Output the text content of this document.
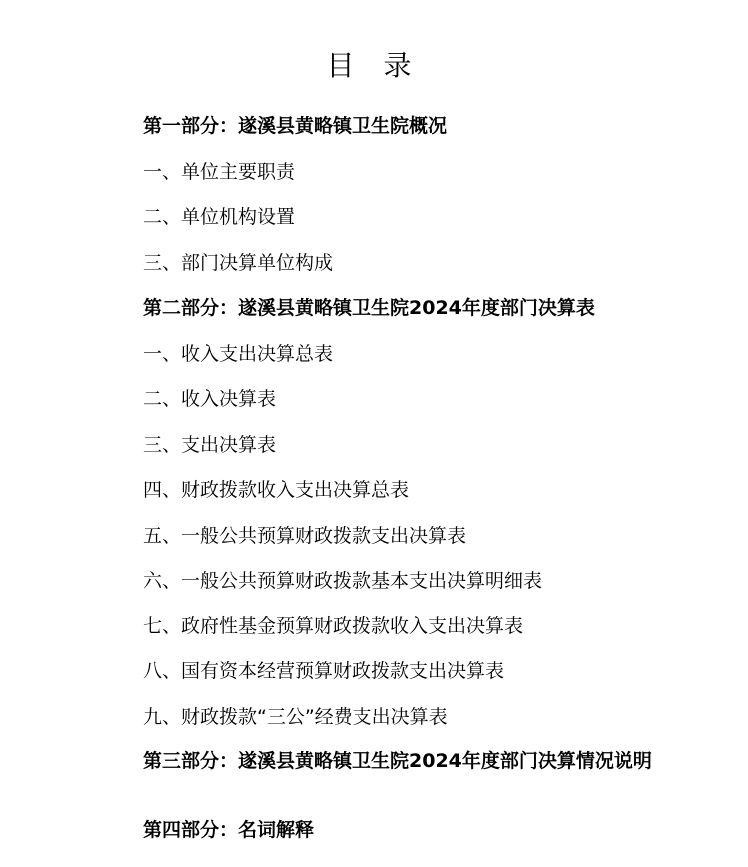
目 录

第一部分：遂溪县黄略镇卫生院概况

一、单位主要职责

二、单位机构设置

三、部门决算单位构成

第二部分：遂溪县黄略镇卫生院2024年度部门决算表

一、收入支出决算总表

二、收入决算表

三、支出决算表

四、财政拨款收入支出决算总表

五、一般公共预算财政拨款支出决算表

六、一般公共预算财政拨款基本支出决算明细表

七、政府性基金预算财政拨款收入支出决算表

八、国有资本经营预算财政拨款支出决算表

九、财政拨款“三公”经费支出决算表

第三部分：遂溪县黄略镇卫生院2024年度部门决算情况说明

第四部分：名词解释
